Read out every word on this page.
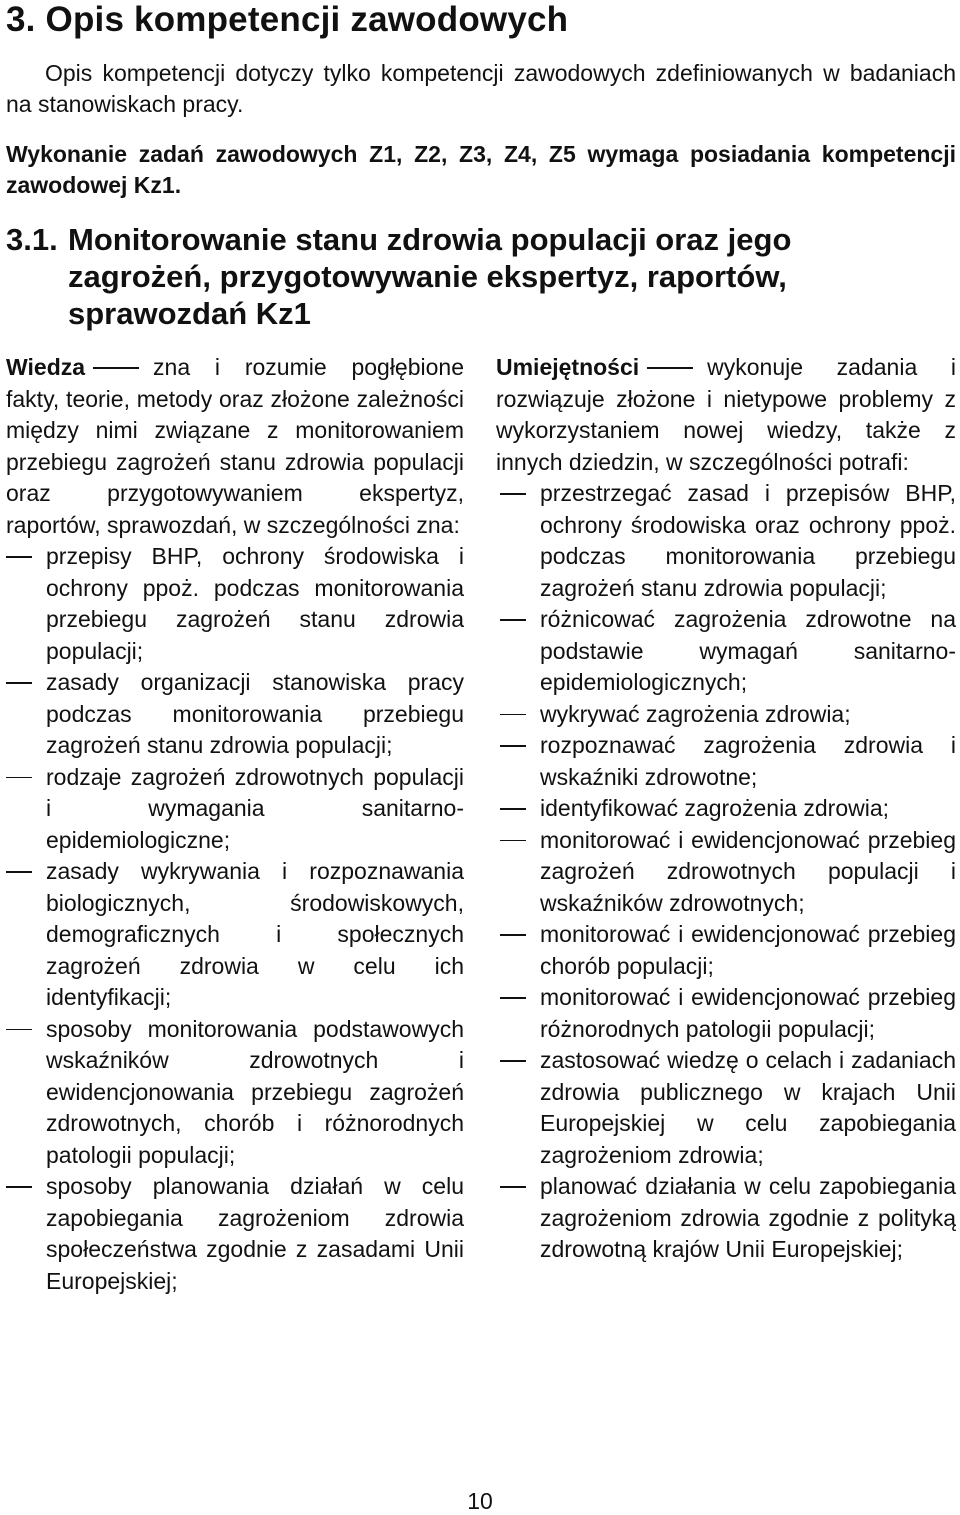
3. Opis kompetencji zawodowych

Opis kompetencji dotyczy tylko kompetencji zawodowych zdefiniowanych w badaniach na stanowiskach pracy.

Wykonanie zadań zawodowych Z1, Z2, Z3, Z4, Z5 wymaga posiadania kompetencji zawodowej Kz1.

3.1. Monitorowanie stanu zdrowia populacji oraz jego zagrożeń, przygotowywanie ekspertyz, raportów, sprawozdań Kz1

Wiedza	zna i rozumie pogłębione fakty, teorie, metody oraz złożone zależności między nimi związane z monitorowaniem przebiegu zagrożeń stanu zdrowia populacji oraz przygotowywaniem ekspertyz, raportów, sprawozdań, w szczególności zna:

przepisy BHP, ochrony środowiska i ochrony ppoż. podczas monitorowania przebiegu zagrożeń stanu zdrowia populacji;
zasady organizacji stanowiska pracy podczas monitorowania przebiegu zagrożeń stanu zdrowia populacji;
rodzaje zagrożeń zdrowotnych populacji i wymagania sanitarno-epidemiologiczne;
zasady wykrywania i rozpoznawania biologicznych, środowiskowych, demograficznych i społecznych zagrożeń zdrowia w celu ich identyfikacji;
sposoby monitorowania podstawowych wskaźników zdrowotnych i ewidencjonowania przebiegu zagrożeń zdrowotnych, chorób i różnorodnych patologii populacji;
sposoby planowania działań w celu zapobiegania zagrożeniom zdrowia społeczeństwa zgodnie z zasadami Unii Europejskiej;

Umiejętności	wykonuje zadania i rozwiązuje złożone i nietypowe problemy z wykorzystaniem nowej wiedzy, także z innych dziedzin, w szczególności potrafi:

przestrzegać zasad i przepisów BHP, ochrony środowiska oraz ochrony ppoż. podczas monitorowania przebiegu zagrożeń stanu zdrowia populacji;
różnicować zagrożenia zdrowotne na podstawie wymagań sanitarno-epidemiologicznych;
wykrywać zagrożenia zdrowia;
rozpoznawać zagrożenia zdrowia i wskaźniki zdrowotne;
identyfikować zagrożenia zdrowia;
monitorować i ewidencjonować przebieg zagrożeń zdrowotnych populacji i wskaźników zdrowotnych;
monitorować i ewidencjonować przebieg chorób populacji;
monitorować i ewidencjonować przebieg różnorodnych patologii populacji;
zastosować wiedzę o celach i zadaniach zdrowia publicznego w krajach Unii Europejskiej w celu zapobiegania zagrożeniom zdrowia;
planować działania w celu zapobiegania zagrożeniom zdrowia zgodnie z polityką zdrowotną krajów Unii Europejskiej;
10
